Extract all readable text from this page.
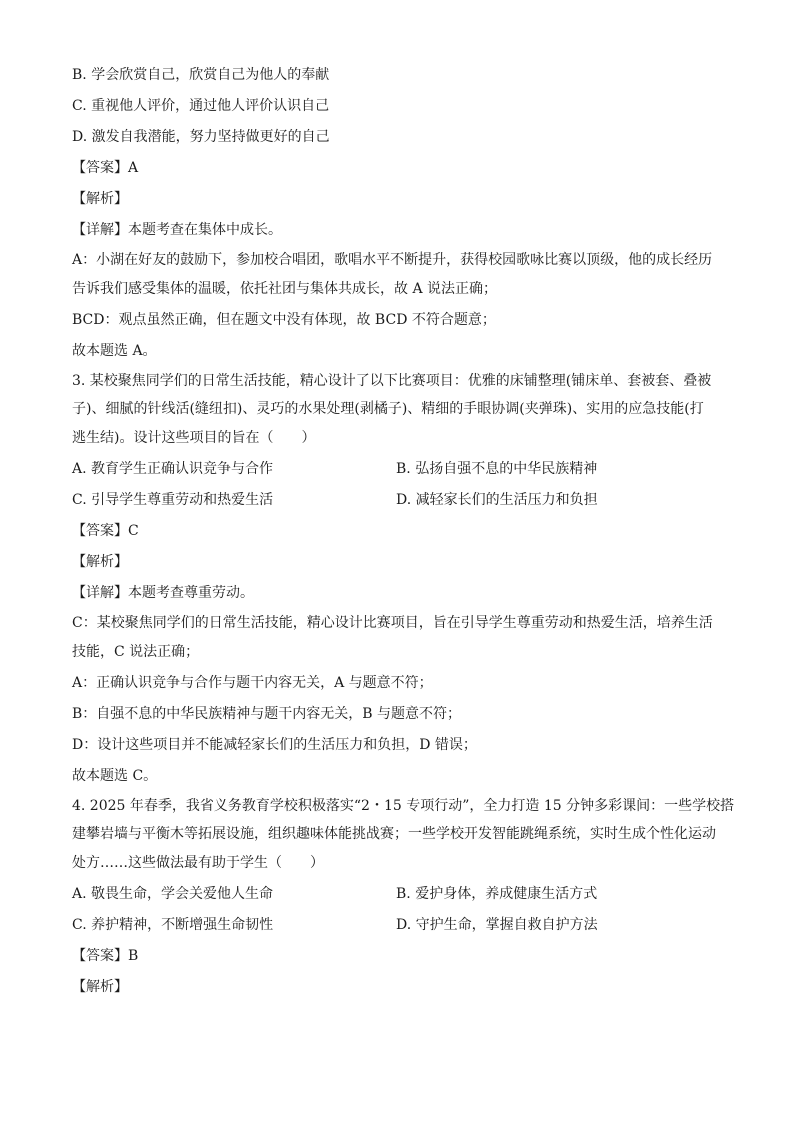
B. 学会欣赏自己，欣赏自己为他人的奉献
C. 重视他人评价，通过他人评价认识自己
D. 激发自我潜能，努力坚持做更好的自己
【答案】A
【解析】
【详解】本题考查在集体中成长。
A：小湖在好友的鼓励下，参加校合唱团，歌唱水平不断提升，获得校园歌咏比赛以顶级，他的成长经历
告诉我们感受集体的温暖，依托社团与集体共成长，故 A 说法正确；
BCD：观点虽然正确，但在题文中没有体现，故 BCD 不符合题意；
故本题选 A。
3. 某校聚焦同学们的日常生活技能，精心设计了以下比赛项目：优雅的床铺整理(铺床单、套被套、叠被
子)、细腻的针线活(缝纽扣)、灵巧的水果处理(剥橘子)、精细的手眼协调(夹弹珠)、实用的应急技能(打
逃生结)。设计这些项目的旨在（　　）
A. 教育学生正确认识竞争与合作	B. 弘扬自强不息的中华民族精神
C. 引导学生尊重劳动和热爱生活	D. 减轻家长们的生活压力和负担
【答案】C
【解析】
【详解】本题考查尊重劳动。
C：某校聚焦同学们的日常生活技能，精心设计比赛项目，旨在引导学生尊重劳动和热爱生活，培养生活
技能，C 说法正确；
A：正确认识竞争与合作与题干内容无关，A 与题意不符；
B：自强不息的中华民族精神与题干内容无关，B 与题意不符；
D：设计这些项目并不能减轻家长们的生活压力和负担，D 错误；
故本题选 C。
4. 2025 年春季，我省义务教育学校积极落实“2・15 专项行动”，全力打造 15 分钟多彩课间：一些学校搭
建攀岩墙与平衡木等拓展设施，组织趣味体能挑战赛；一些学校开发智能跳绳系统，实时生成个性化运动
处方……这些做法最有助于学生（　　）
A. 敬畏生命，学会关爱他人生命	B. 爱护身体，养成健康生活方式
C. 养护精神，不断增强生命韧性	D. 守护生命，掌握自救自护方法
【答案】B
【解析】
